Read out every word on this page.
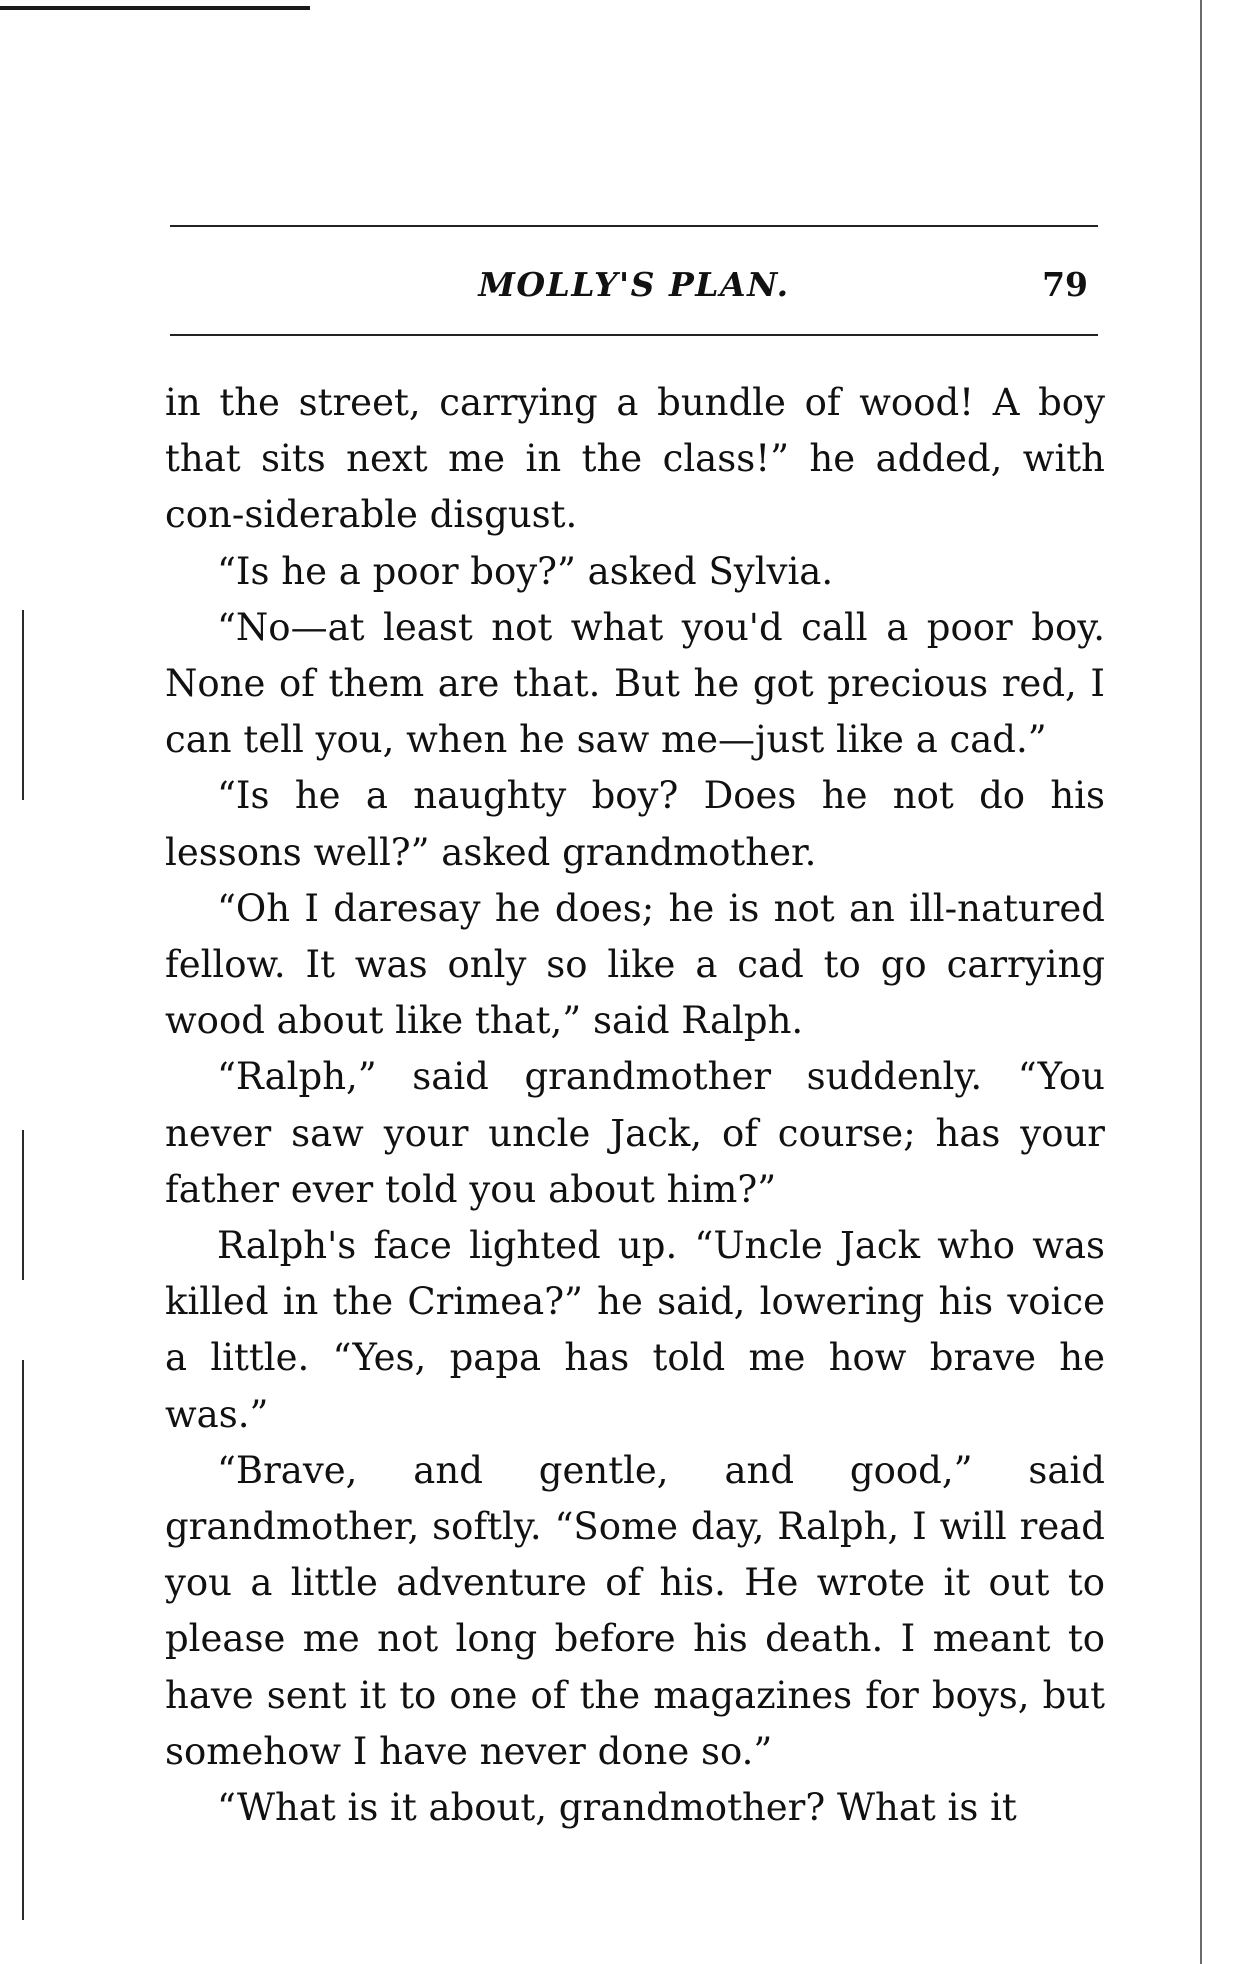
MOLLY'S PLAN.	79

in the street, carrying a bundle of wood! A boy that sits next me in the class!” he added, with con-siderable disgust.

“Is he a poor boy?” asked Sylvia.

“No—at least not what you'd call a poor boy. None of them are that. But he got precious red, I can tell you, when he saw me—just like a cad.”

“Is he a naughty boy? Does he not do his lessons well?” asked grandmother.

“Oh I daresay he does; he is not an ill-natured fellow. It was only so like a cad to go carrying wood about like that,” said Ralph.

“Ralph,” said grandmother suddenly. “You never saw your uncle Jack, of course; has your father ever told you about him?”

Ralph's face lighted up. “Uncle Jack who was killed in the Crimea?” he said, lowering his voice a little. “Yes, papa has told me how brave he was.”

“Brave, and gentle, and good,” said grandmother, softly. “Some day, Ralph, I will read you a little adventure of his. He wrote it out to please me not long before his death. I meant to have sent it to one of the magazines for boys, but somehow I have never done so.”

“What is it about, grandmother? What is it
